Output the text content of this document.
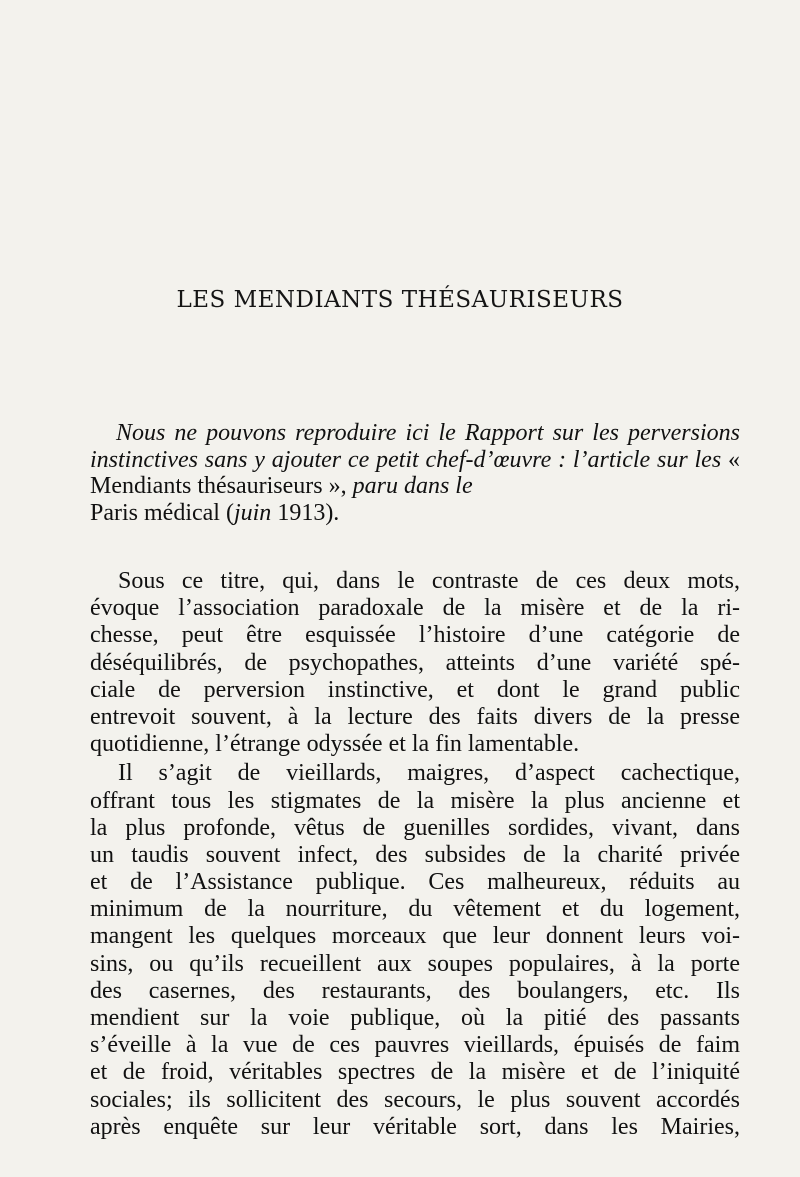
LES MENDIANTS THÉSAURISEURS

Nous ne pouvons reproduire ici le Rapport sur les perversions instinctives sans y ajouter ce petit chef-d’œuvre : l’article sur les « Mendiants thésauriseurs », paru dans le
Paris médical (juin 1913).

Sous ce titre, qui, dans le contraste de ces deux mots,
évoque l’association paradoxale de la misère et de la ri-
chesse, peut être esquissée l’histoire d’une catégorie de
déséquilibrés, de psychopathes, atteints d’une variété spé-
ciale de perversion instinctive, et dont le grand public
entrevoit souvent, à la lecture des faits divers de la presse
quotidienne, l’étrange odyssée et la fin lamentable.
Il s’agit de vieillards, maigres, d’aspect cachectique,
offrant tous les stigmates de la misère la plus ancienne et
la plus profonde, vêtus de guenilles sordides, vivant, dans
un taudis souvent infect, des subsides de la charité privée
et de l’Assistance publique. Ces malheureux, réduits au
minimum de la nourriture, du vêtement et du logement,
mangent les quelques morceaux que leur donnent leurs voi-
sins, ou qu’ils recueillent aux soupes populaires, à la porte
des casernes, des restaurants, des boulangers, etc. Ils
mendient sur la voie publique, où la pitié des passants
s’éveille à la vue de ces pauvres vieillards, épuisés de faim
et de froid, véritables spectres de la misère et de l’iniquité
sociales; ils sollicitent des secours, le plus souvent accordés
après enquête sur leur véritable sort, dans les Mairies,
